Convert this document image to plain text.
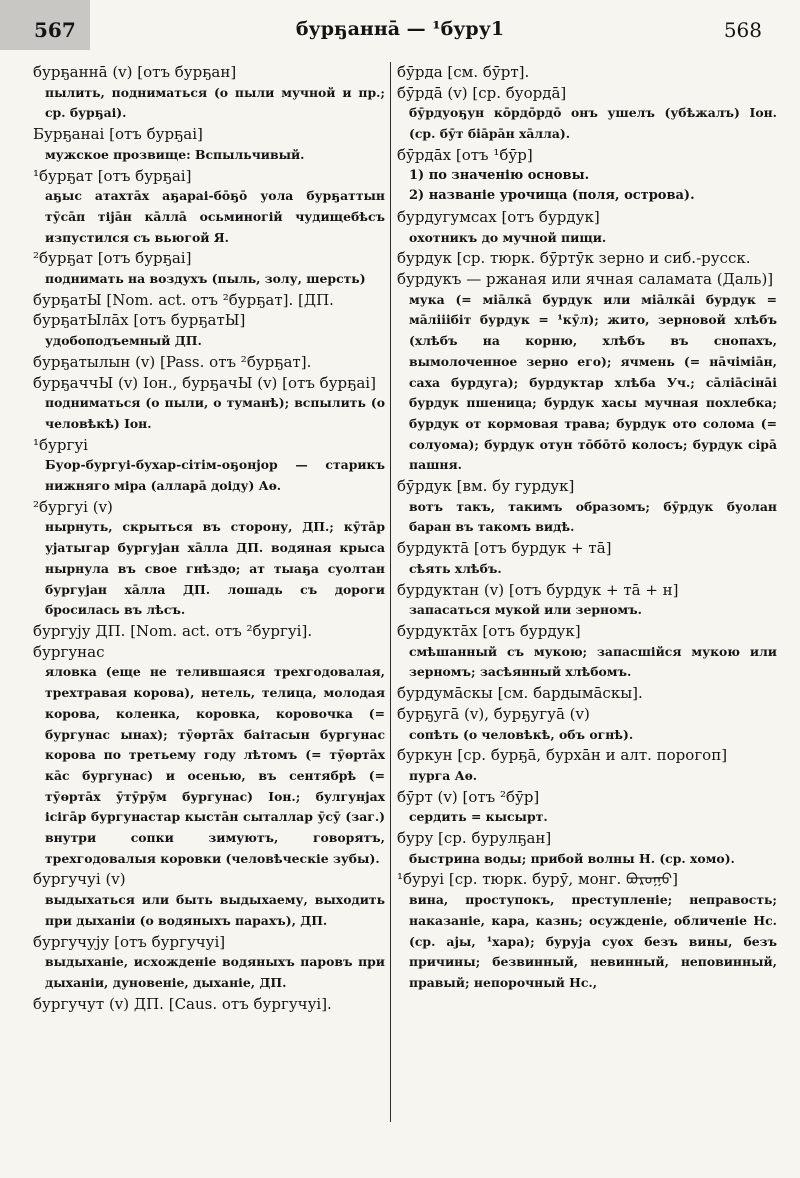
567	бурҕаннā — ¹буру1	568
бурҕаннā (v) [отъ бурҕан]
пылить, подниматься (о пыли мучной и пр.; ср. бурҕаі).
Бурҕанаі [отъ бурҕаі]
мужское прозвище: Вспыльчивый.
¹бурҕат [отъ бурҕаі]
аҕыс атахтāх аҕараі-бōҕō уола бурҕаттын тӯсāп тіjāн кāллā осьминогій чудищебѣсъ изпустился съ вьюгой Я.
²бурҕат [отъ бурҕаі]
поднимать на воздухъ (пыль, золу, шерсть)
бурҕатЫ [Nom. act. отъ ²бурҕат]. [ДП.
бурҕатЫлāх [отъ бурҕатЫ]
удобоподъемный ДП.
бурҕатылын (v) [Pass. отъ ²бурҕат].
бурҕаччЫ (v) Іон., бурҕачЫ (v) [отъ бурҕаі]
подниматься (о пыли, о туманѣ); вспылить (о человѣкѣ) Іон.
¹бургуі
Буор-бургуі-бухар-сiтiм-оҕонjор — старикъ нижняго міра (алларā доіду) Аѳ.
²бургуі (v)
нырнуть, скрыться въ сторону, ДП.; кӯтāр уjатыгар бургујан хāлла ДП. водяная крыса нырнула въ свое гнѣздо; ат тыаҕа суолтан бургујан хāлла ДП. лошадь съ дороги бросилась въ лѣсъ.
бургују ДП. [Nom. act. отъ ²бургуі].
бургунас
яловка (еще не телившаяся трехгодовалая, трехтравая корова), нетель, телица, молодая корова, коленка, коровка, коровочка (= бургунас ынах); тӯөртāх баітасын бургунас корова по третьему году лѣтомъ (= тӯөртāх кāс бургунас) и осенью, въ сентябрѣ (= тӯөртāх ӯтӯрӯм бургунас) Іон.; булгунjах ісігāр бургунастар кыстāн сыталлар ӯсӯ (заг.) внутри сопки зимуютъ, говорятъ, трехгодовалыя коровки (человѣческіе зубы).
бургучуі (v)
выдыхаться или быть выдыхаему, выходить при дыханіи (о водяныхъ парахъ), ДП.
бургучују [отъ бургучуі]
выдыханіе, исхожденіе водяныхъ паровъ при дыханіи, дуновеніе, дыханіе, ДП.
бургучут (v) ДП. [Caus. отъ бургучуі].
бӯрда [см. бӯрт].
бӯрдā (v) [ср. буордā]
бӯрдуоҕун кōрдōрдō онъ ушелъ (убѣжалъ) Іон. (ср. бӯт бiāрāн хāлла).
бӯрдāх [отъ ¹бӯр]
1) по значенію основы.
2) названіе урочища (поля, острова).
бурдугумсах [отъ бурдук]
охотникъ до мучной пищи.
бурдук [ср. тюрк. бӯртӯк зерно и сиб.-русск. бурдукъ — ржаная или ячная саламата (Даль)]
мука (= мiāлкā бурдук или мiāлкāi бурдук = мāлiiiбiт бурдук = ¹кӯл); жито, зерновой хлѣбъ (хлѣбъ на корню, хлѣбъ въ снопахъ, вымолоченное зерно его); ячмень (= нāчiмiāн, саха бурдуга); бурдуктар хлѣба Уч.; сāлiāсiнāi бурдук пшеница; бурдук хасы мучная похлебка; бурдук от кормовая трава; бурдук ото солома (= солуома); бурдук отун тōбōтō колосъ; бурдук сiрā пашня.
бӯрдук [вм. бу гурдук]
вотъ такъ, такимъ образомъ; бӯрдук буолан баран въ такомъ видѣ.
бурдуктā [отъ бурдук + тā]
сѣять хлѣбъ.
бурдуктан (v) [отъ бурдук + тā + н]
запасаться мукой или зерномъ.
бурдуктāх [отъ бурдук]
смѣшанный съ мукою; запасшійся мукою или зерномъ; засѣянный хлѣбомъ.
бурдумāскы [см. бардымāскы].
бурҕугā (v), бурҕугуā (v)
сопѣть (о человѣкѣ, объ огнѣ).
буркун [ср. бурҕā, бурхāн и алт. порогоп]
пурга Аѳ.
бӯрт (v) [отъ ²бӯр]
сердить = кысырт.
буру [ср. бурулҕан]
быстрина воды; прибой волны Н. (ср. хомо).
¹буруі [ср. тюрк. бурӯ, монг. ᠪᠤᠷᠤᠭᠤ]
вина, проступокъ, преступленіе; неправость; наказаніе, кара, казнь; осужденіе, обличеніе Нс. (ср. аjы, ¹хара); буруjа суох безъ вины, безъ причины; безвинный, невинный, неповинный, правый; непорочный Нс.,
